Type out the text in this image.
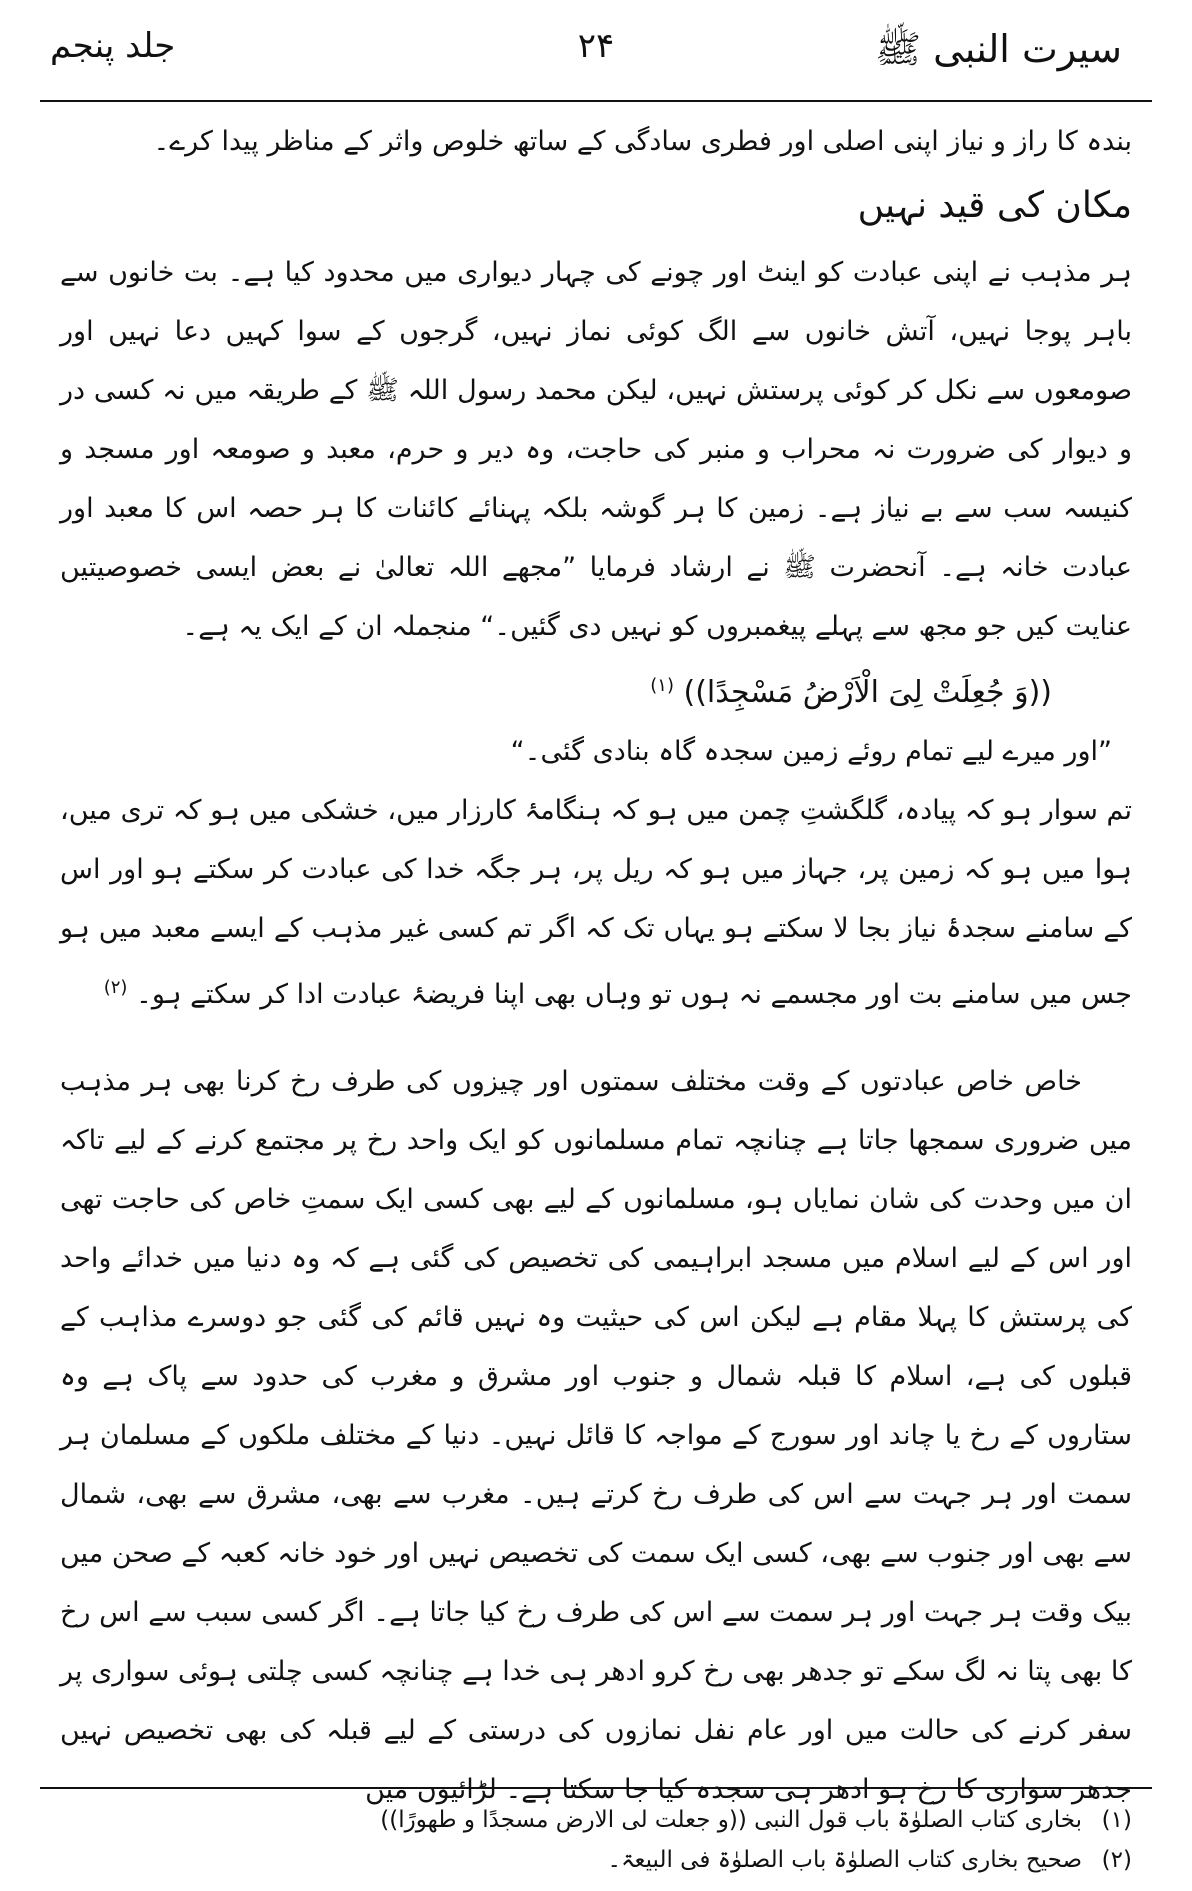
سیرت النبی ﷺ
۲۴
جلد پنجم

بندہ کا راز و نیاز اپنی اصلی اور فطری سادگی کے ساتھ خلوص واثر کے مناظر پیدا کرے۔

مکان کی قید نہیں

ہر مذہب نے اپنی عبادت کو اینٹ اور چونے کی چہار دیواری میں محدود کیا ہے۔ بت خانوں سے باہر پوجا نہیں، آتش خانوں سے الگ کوئی نماز نہیں، گرجوں کے سوا کہیں دعا نہیں اور صومعوں سے نکل کر کوئی پرستش نہیں، لیکن محمد رسول اللہ ﷺ کے طریقہ میں نہ کسی در و دیوار کی ضرورت نہ محراب و منبر کی حاجت، وہ دیر و حرم، معبد و صومعہ اور مسجد و کنیسہ سب سے بے نیاز ہے۔ زمین کا ہر گوشہ بلکہ پہنائے کائنات کا ہر حصہ اس کا معبد اور عبادت خانہ ہے۔ آنحضرت ﷺ نے ارشاد فرمایا ”مجھے اللہ تعالیٰ نے بعض ایسی خصوصیتیں عنایت کیں جو مجھ سے پہلے پیغمبروں کو نہیں دی گئیں۔“ منجملہ ان کے ایک یہ ہے۔

((وَ جُعِلَتْ لِیَ الْاَرْضُ مَسْجِدًا)) $^{(۱)}$

”اور میرے لیے تمام روئے زمین سجدہ گاہ بنادی گئی۔“

تم سوار ہو کہ پیادہ، گلگشتِ چمن میں ہو کہ ہنگامۂ کارزار میں، خشکی میں ہو کہ تری میں، ہوا میں ہو کہ زمین پر، جہاز میں ہو کہ ریل پر، ہر جگہ خدا کی عبادت کر سکتے ہو اور اس کے سامنے سجدۂ نیاز بجا لا سکتے ہو یہاں تک کہ اگر تم کسی غیر مذہب کے ایسے معبد میں ہو جس میں سامنے بت اور مجسمے نہ ہوں تو وہاں بھی اپنا فریضۂ عبادت ادا کر سکتے ہو۔ $^{(۲)}$

خاص خاص عبادتوں کے وقت مختلف سمتوں اور چیزوں کی طرف رخ کرنا بھی ہر مذہب میں ضروری سمجھا جاتا ہے چنانچہ تمام مسلمانوں کو ایک واحد رخ پر مجتمع کرنے کے لیے تاکہ ان میں وحدت کی شان نمایاں ہو، مسلمانوں کے لیے بھی کسی ایک سمتِ خاص کی حاجت تھی اور اس کے لیے اسلام میں مسجد ابراہیمی کی تخصیص کی گئی ہے کہ وہ دنیا میں خدائے واحد کی پرستش کا پہلا مقام ہے لیکن اس کی حیثیت وہ نہیں قائم کی گئی جو دوسرے مذاہب کے قبلوں کی ہے، اسلام کا قبلہ شمال و جنوب اور مشرق و مغرب کی حدود سے پاک ہے وہ ستاروں کے رخ یا چاند اور سورج کے مواجہ کا قائل نہیں۔ دنیا کے مختلف ملکوں کے مسلمان ہر سمت اور ہر جہت سے اس کی طرف رخ کرتے ہیں۔ مغرب سے بھی، مشرق سے بھی، شمال سے بھی اور جنوب سے بھی، کسی ایک سمت کی تخصیص نہیں اور خود خانہ کعبہ کے صحن میں بیک وقت ہر جہت اور ہر سمت سے اس کی طرف رخ کیا جاتا ہے۔ اگر کسی سبب سے اس رخ کا بھی پتا نہ لگ سکے تو جدھر بھی رخ کرو ادھر ہی خدا ہے چنانچہ کسی چلتی ہوئی سواری پر سفر کرنے کی حالت میں اور عام نفل نمازوں کی درستی کے لیے قبلہ کی بھی تخصیص نہیں جدھر سواری کا رخ ہو ادھر ہی سجدہ کیا جا سکتا ہے۔ لڑائیوں میں

(۱)بخاری کتاب الصلوٰۃ باب قول النبی ((و جعلت لی الارض مسجدًا و طهورًا))
(۲)صحیح بخاری کتاب الصلوٰۃ باب الصلوٰۃ فی البیعۃ۔
